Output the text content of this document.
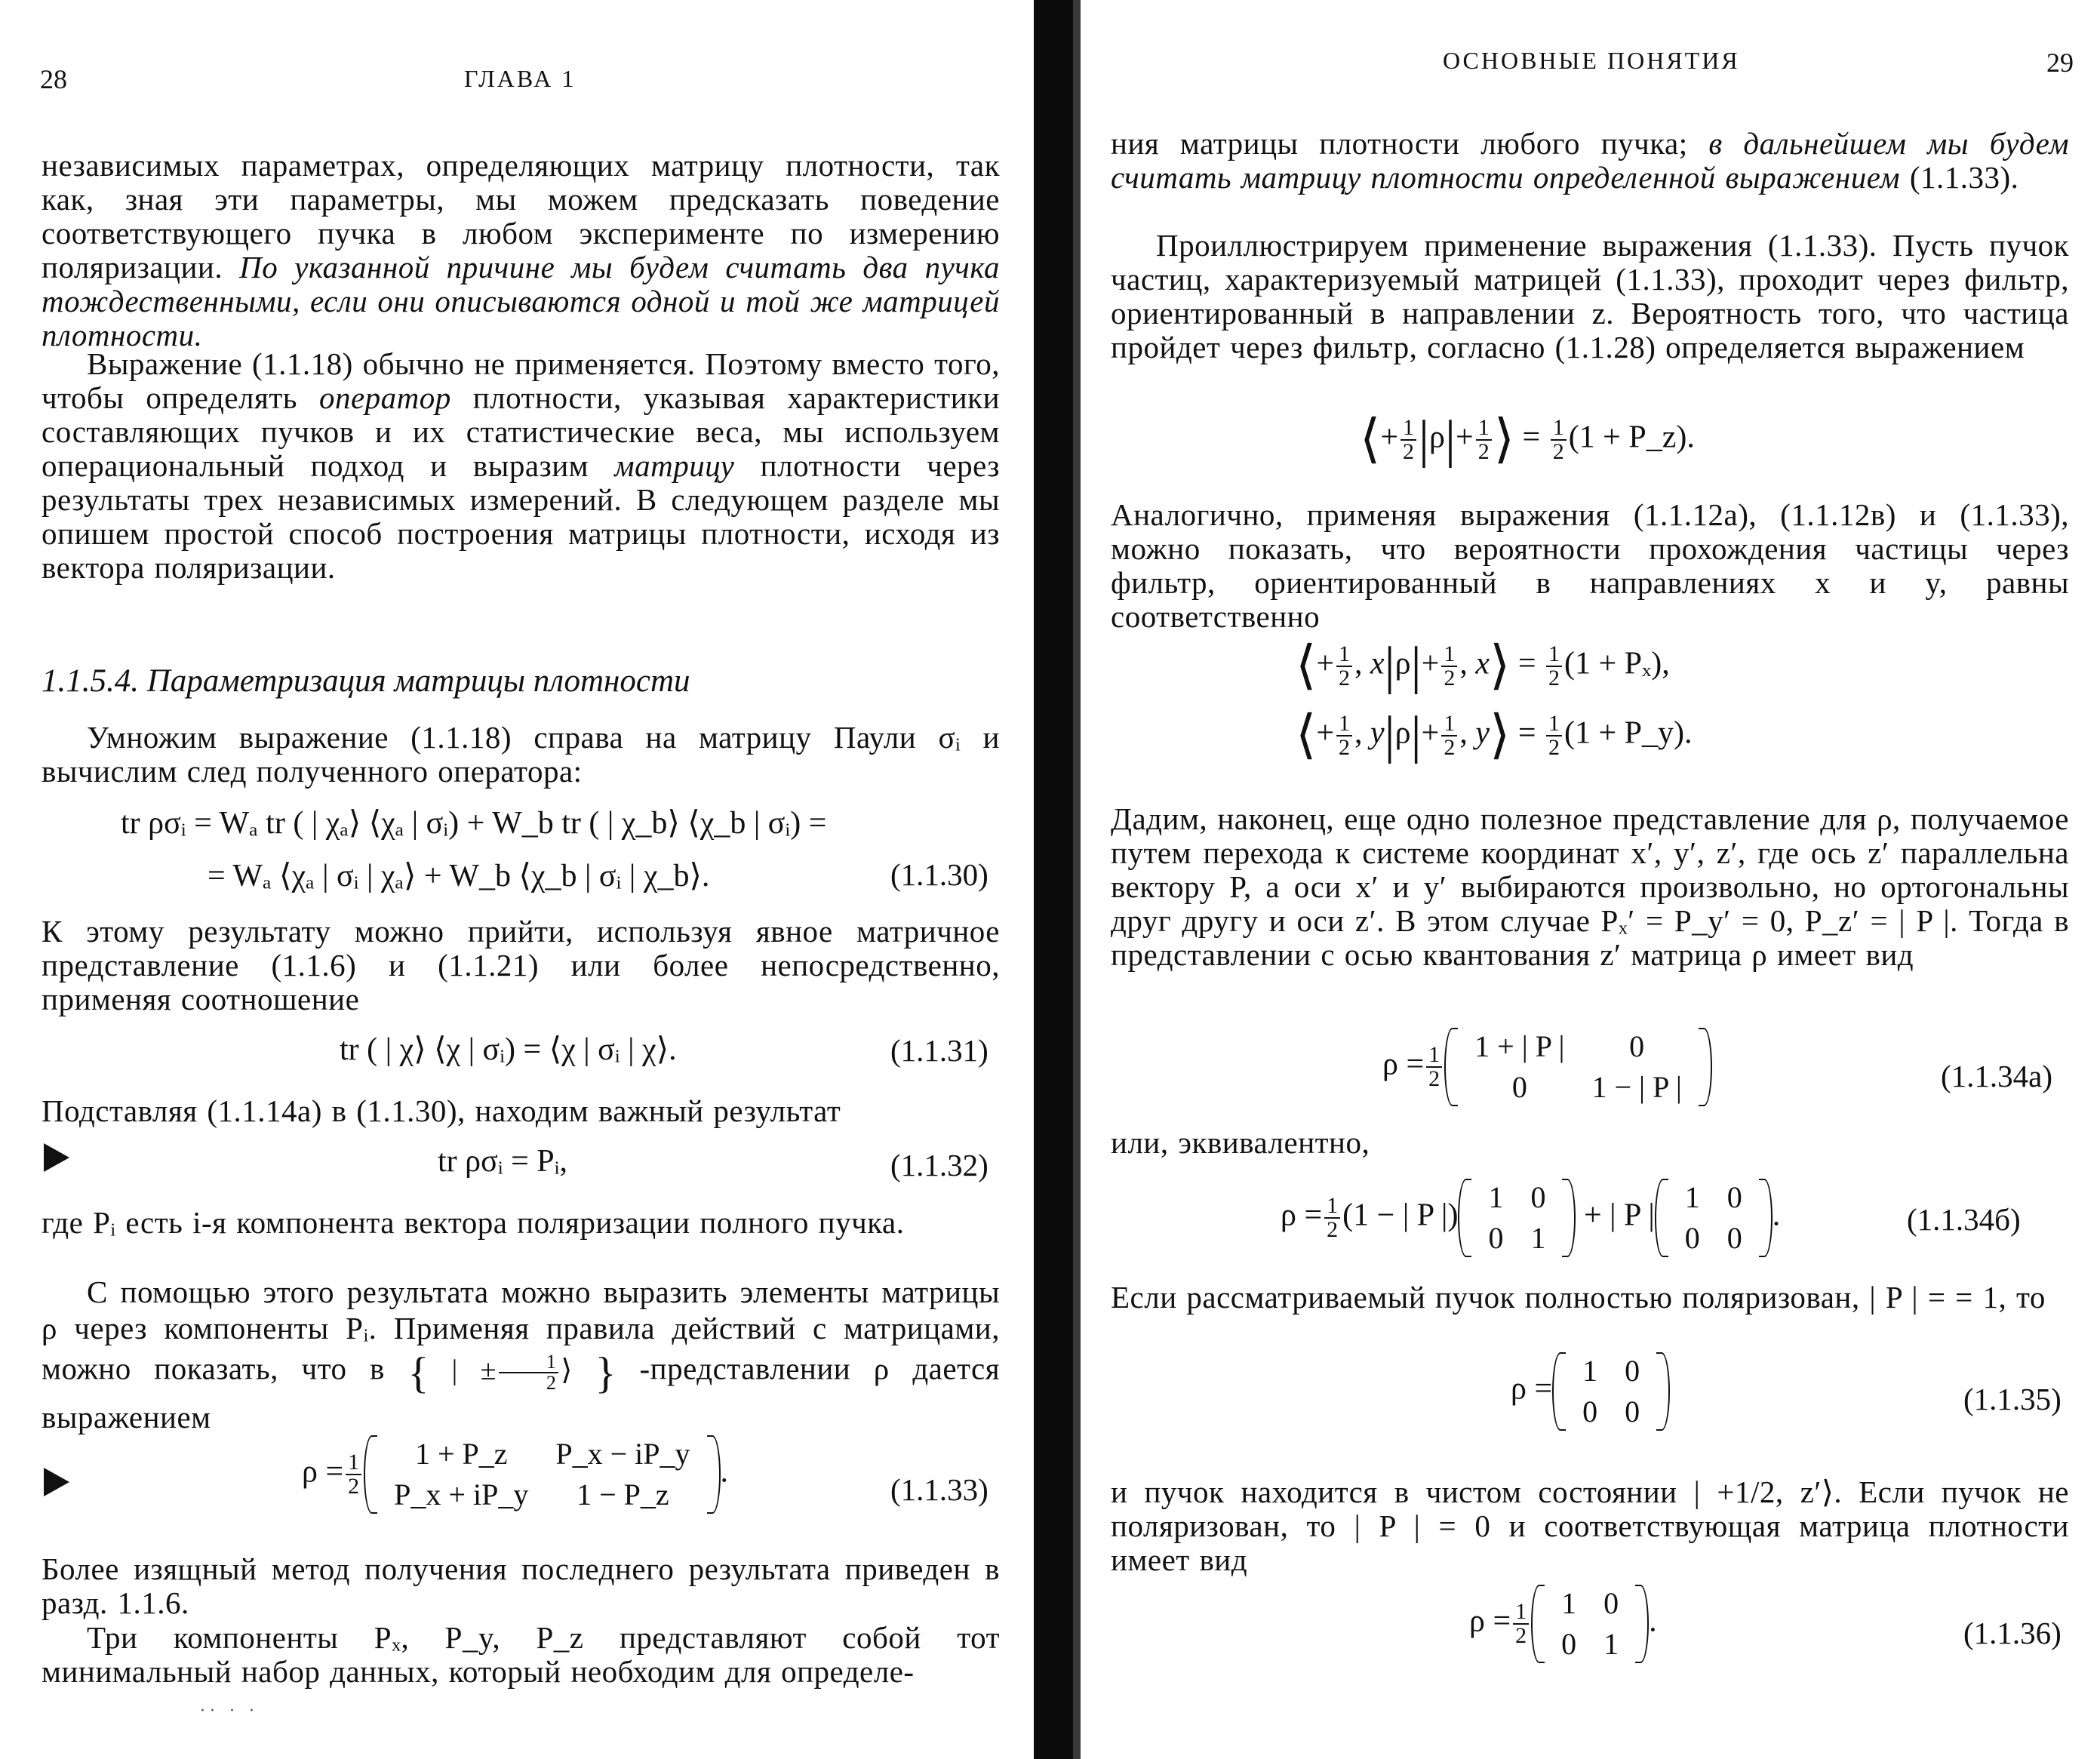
28	ГЛАВА 1
независимых параметрах, определяющих матрицу плотности, так как, зная эти параметры, мы можем предсказать поведение соответствующего пучка в любом эксперименте по измерению поляризации. По указанной причине мы будем считать два пучка тождественными, если они описываются одной и той же матрицей плотности.
Выражение (1.1.18) обычно не применяется. Поэтому вместо того, чтобы определять оператор плотности, указывая характеристики составляющих пучков и их статистические веса, мы используем операциональный подход и выразим матрицу плотности через результаты трех независимых измерений. В следующем разделе мы опишем простой способ построения матрицы плотности, исходя из вектора поляризации.
1.1.5.4. Параметризация матрицы плотности
Умножим выражение (1.1.18) справа на матрицу Паули σᵢ и вычислим след полученного оператора:
tr ρσᵢ = Wₐ tr ( | χₐ⟩ ⟨χₐ | σᵢ) + W_b tr ( | χ_b⟩ ⟨χ_b | σᵢ) =
= Wₐ ⟨χₐ | σᵢ | χₐ⟩ + W_b ⟨χ_b | σᵢ | χ_b⟩.	(1.1.30)
К этому результату можно прийти, используя явное матричное представление (1.1.6) и (1.1.21) или более непосредственно, применяя соотношение
tr ( | χ⟩ ⟨χ | σᵢ) = ⟨χ | σᵢ | χ⟩.	(1.1.31)
Подставляя (1.1.14а) в (1.1.30), находим важный результат
tr ρσᵢ = Pᵢ,	(1.1.32)
где Pᵢ есть i-я компонента вектора поляризации полного пучка.
С помощью этого результата можно выразить элементы матрицы ρ через компоненты Pᵢ. Применяя правила действий с матрицами, можно показать, что в { | ± $\frac{1}{2}$ ⟩ } -представлении ρ дается выражением
$\rho = \frac{1}{2} 1$ + P_z	P_x − iP_y
P_x + iP_y	1 − P_z
.
(1.1.33)
Более изящный метод получения последнего результата приведен в разд. 1.1.6.
Три компоненты Pₓ, P_y, P_z представляют собой тот минимальный набор данных, который необходим для определе-
·· · ·
ОСНОВНЫЕ ПОНЯТИЯ	29
ния матрицы плотности любого пучка; в дальнейшем мы будем считать матрицу плотности определенной выражением (1.1.33).
Проиллюстрируем применение выражения (1.1.33). Пусть пучок частиц, характеризуемый матрицей (1.1.33), проходит через фильтр, ориентированный в направлении z. Вероятность того, что частица пройдет через фильтр, согласно (1.1.28) определяется выражением
⟨+ $\frac{1}{2} |\rho|+ \frac{1}{2}$ ⟩ = $\frac{1}{2} (1$ + P_z).
Аналогично, применяя выражения (1.1.12а), (1.1.12в) и (1.1.33), можно показать, что вероятности прохождения частицы через фильтр, ориентированный в направлениях x и y, равны соответственно
⟨+ $\frac{1}{2}$ , $x|\rho|+ \frac{1}{2}$ , x⟩ = $\frac{1}{2} (1 + P_x)$,
⟨+ $\frac{1}{2}$ , $y|\rho|+ \frac{1}{2}$ , y⟩ = $\frac{1}{2} (1$ + P_y).
Дадим, наконец, еще одно полезное представление для ρ, получаемое путем перехода к системе координат x′, y′, z′, где ось z′ параллельна вектору P, а оси x′ и y′ выбираются произвольно, но ортогональны друг другу и оси z′. В этом случае Pₓ′ = P_y′ = 0, P_z′ = | P |. Тогда в представлении с осью квантования z′ матрица ρ имеет вид
$\rho = \frac{1}{2} 1$ + | P |	0
0	1 − | P |	(1.1.34а)
или, эквивалентно,
$\rho = \frac{1}{2} (1$ − | P |)
1	0
0	1
+ | P |
1	0
0	0
.	(1.1.34б)
Если рассматриваемый пучок полностью поляризован, | P | = = 1, то
ρ =
1	0
0	0	(1.1.35)
и пучок находится в чистом состоянии | +1/2, z′⟩. Если пучок не поляризован, то | P | = 0 и соответствующая матрица плотности имеет вид
$\rho = \frac{1}{2} 1$	0
0	1
.	(1.1.36)
